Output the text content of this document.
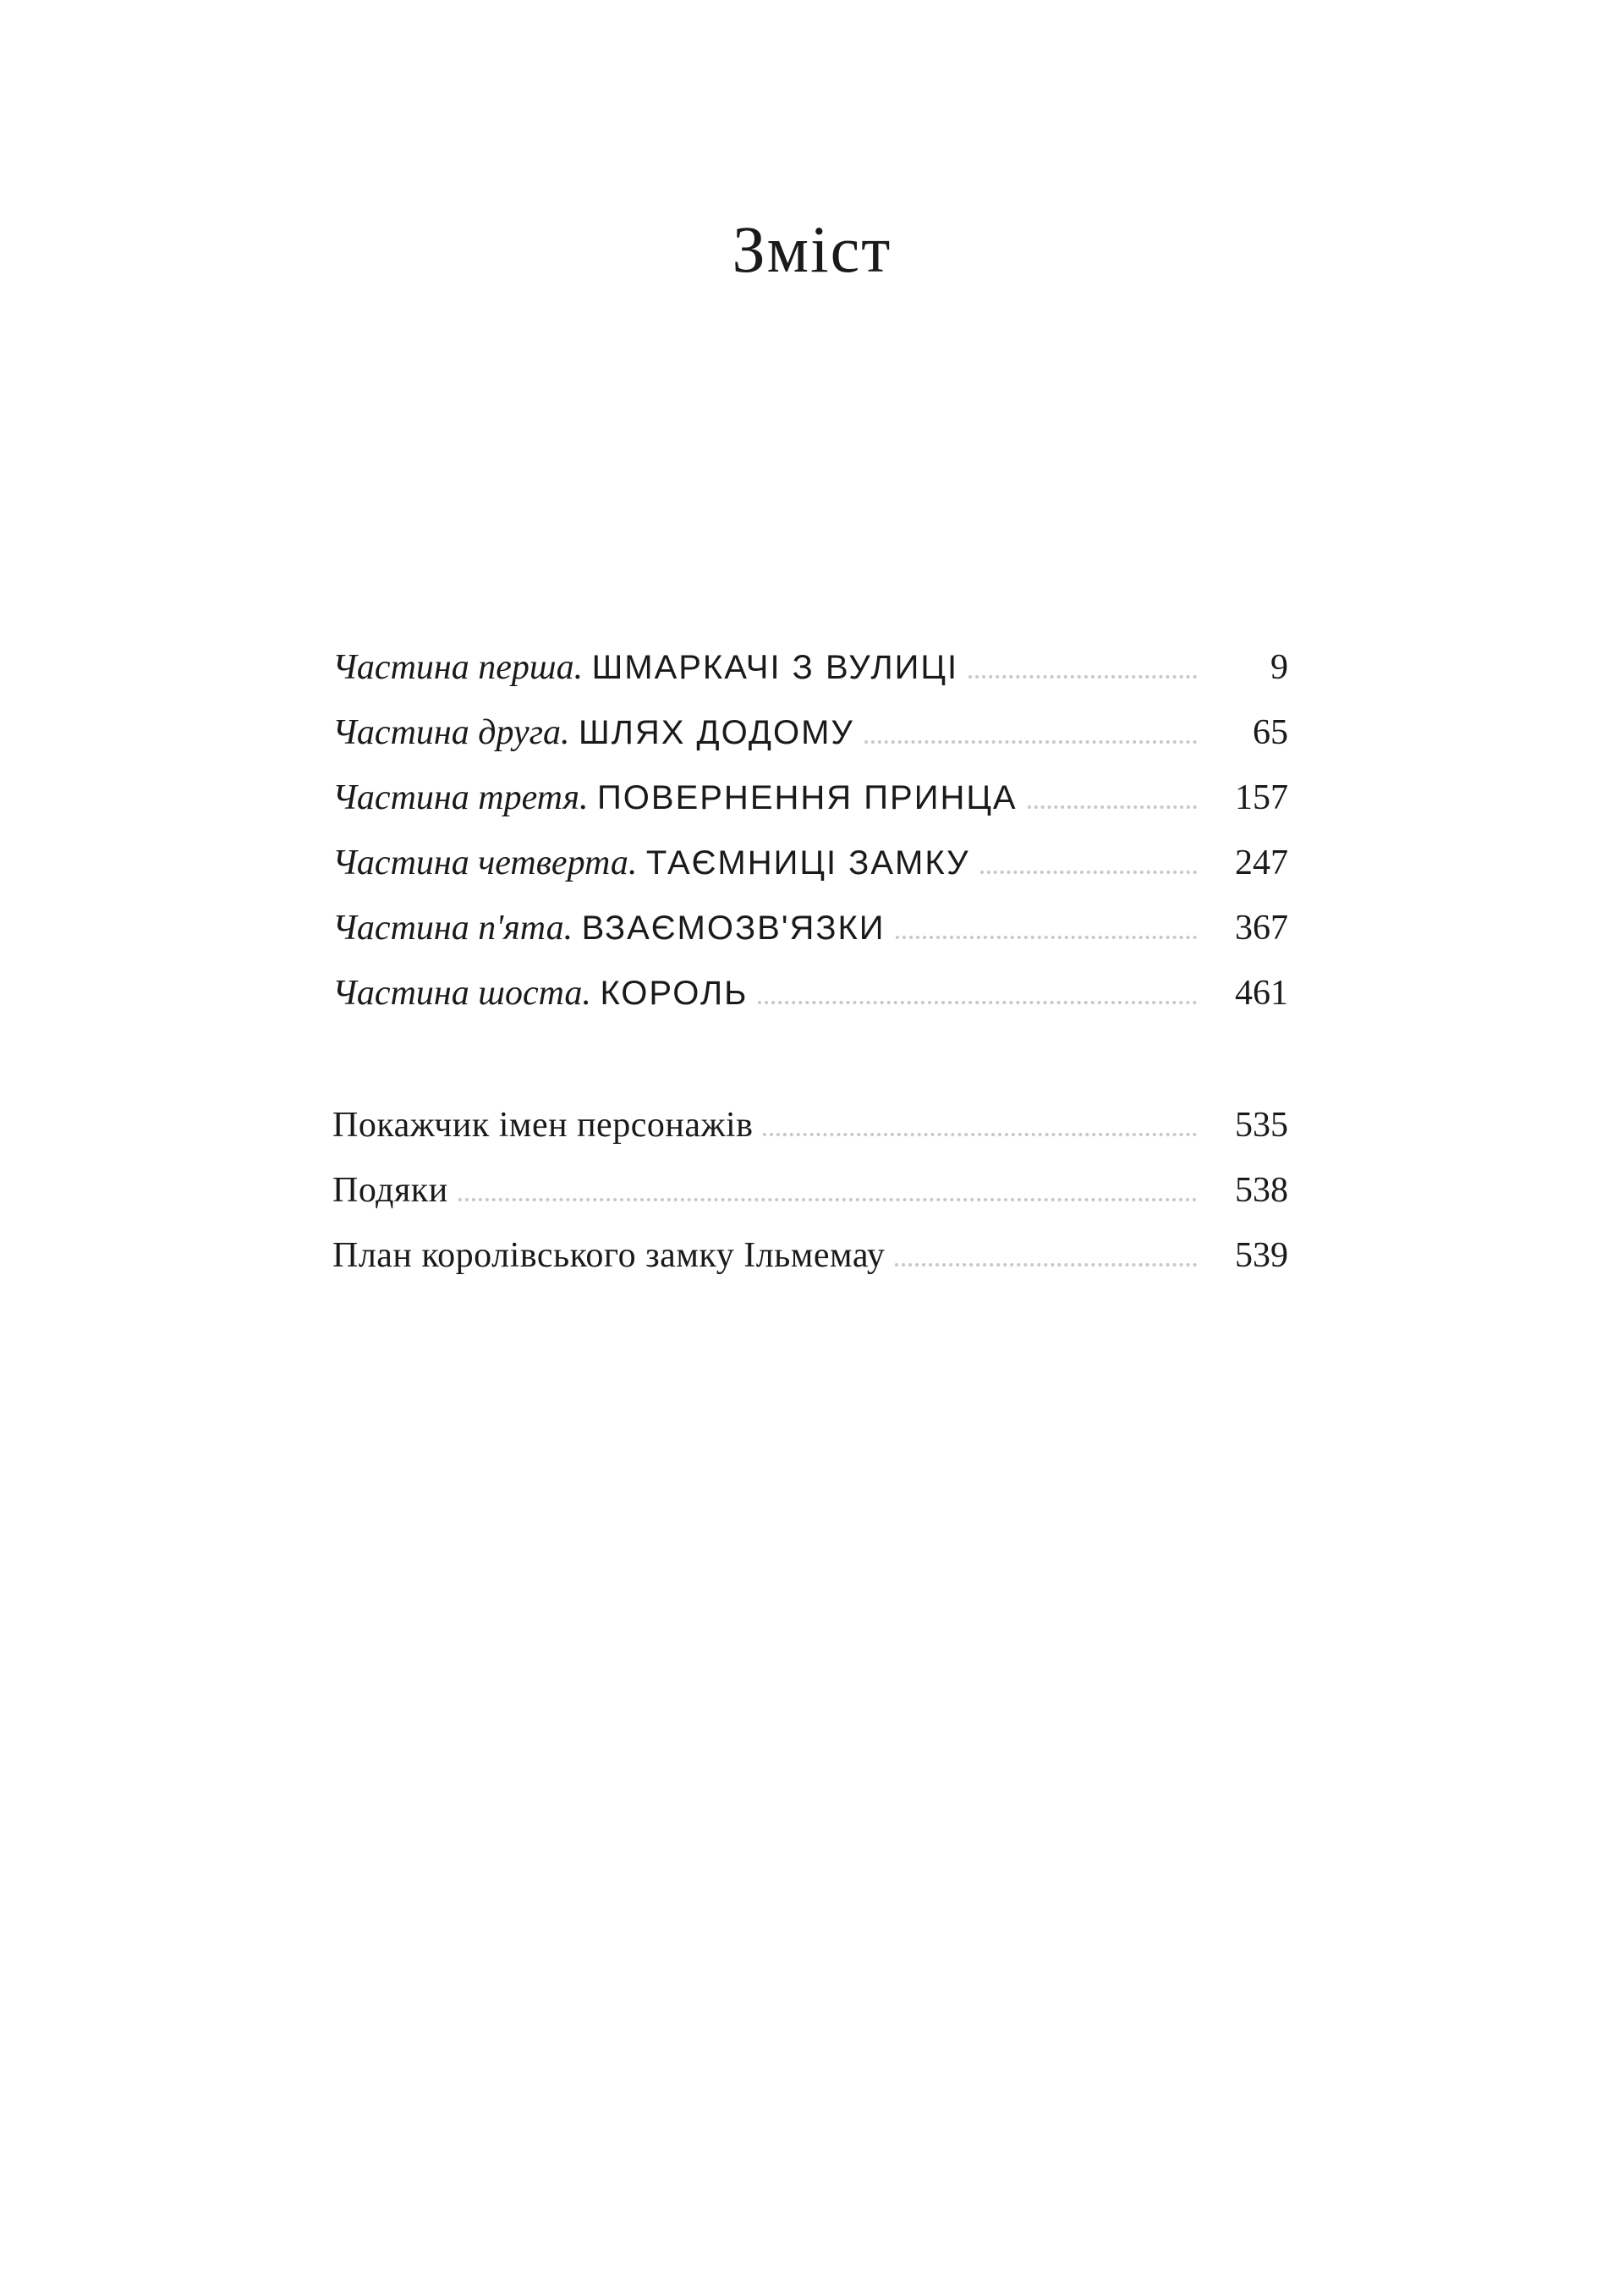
Зміст
Частина перша. ШМАРКАЧІ З ВУЛИЦІ	9
Частина друга. ШЛЯХ ДОДОМУ	65
Частина третя. ПОВЕРНЕННЯ ПРИНЦА	157
Частина четверта. ТАЄМНИЦІ ЗАМКУ	247
Частина п'ята. ВЗАЄМОЗВ'ЯЗКИ	367
Частина шоста. КОРОЛЬ	461
Покажчик імен персонажів	535
Подяки	538
План королівського замку Ільмемау	539
